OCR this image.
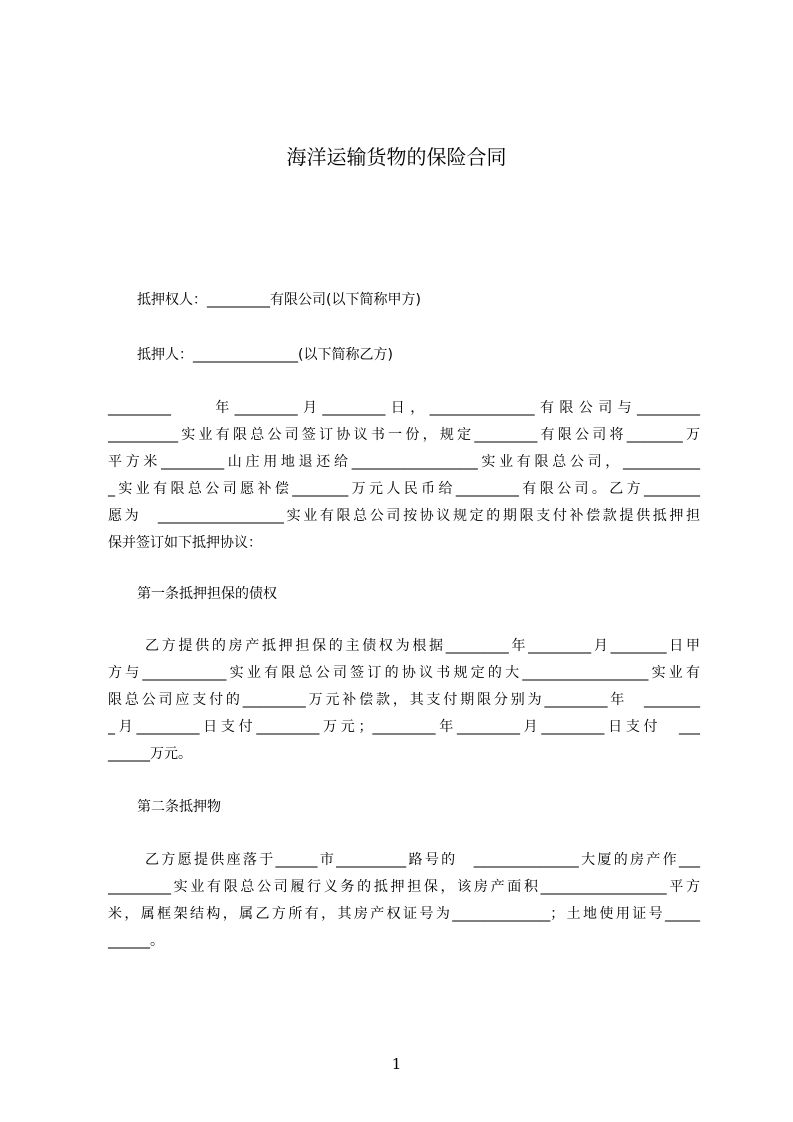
海洋运输货物的保险合同
抵押权人：_________有限公司(以下简称甲方)
抵押人：_______________(以下简称乙方)
_________　　年_________月_________日，_______________有限公司与_________
__________实业有限总公司签订协议书一份，规定_________有限公司将________万
平方米_________山庄用地退还给__________________实业有限总公司，___________
_实业有限总公司愿补偿________万元人民币给_________有限公司。乙方________
愿为　__________________实业有限总公司按协议规定的期限支付补偿款提供抵押担
保并签订如下抵押协议：
第一条抵押担保的债权
乙方提供的房产抵押担保的主债权为根据_________年_________月________日甲
方与____________实业有限总公司签订的协议书规定的大__________________实业有
限总公司应支付的_________万元补偿款，其支付期限分别为_________年　________
_月_________日支付_________万元；_________年_________月_________日支付　___
______万元。
第二条抵押物
乙方愿提供座落于______市__________路号的　_______________大厦的房产作___
_________实业有限总公司履行义务的抵押担保，该房产面积__________________平方
米，属框架结构，属乙方所有，其房产权证号为______________；土地使用证号_____
______。
1
